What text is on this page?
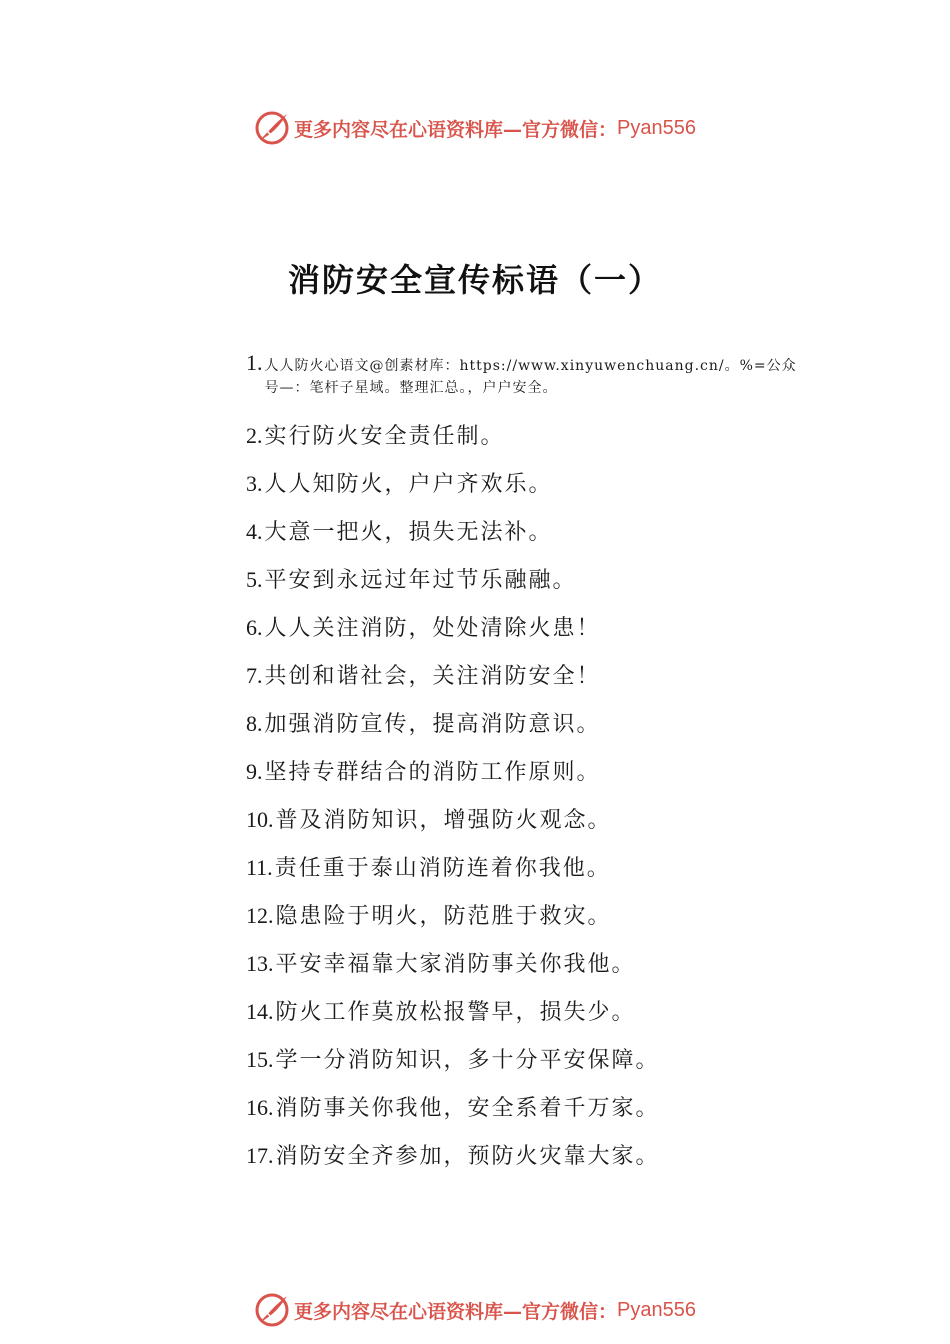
更多内容尽在心语资料库 —官方微信： Pyan556
消防安全宣传标语（一）
1. 人人防火心语文@创素材库：https://www.xinyuwenchuang.cn/。%=公众号—：笔杆子星域。整理汇总。，户户安全。
2. 实行防火安全责任制。
3. 人人知防火，户户齐欢乐。
4. 大意一把火，损失无法补。
5. 平安到永远过年过节乐融融。
6. 人人关注消防，处处清除火患！
7. 共创和谐社会，关注消防安全！
8. 加强消防宣传，提高消防意识。
9. 坚持专群结合的消防工作原则。
10. 普及消防知识，增强防火观念。
11. 责任重于泰山消防连着你我他。
12. 隐患险于明火，防范胜于救灾。
13. 平安幸福靠大家消防事关你我他。
14. 防火工作莫放松报警早，损失少。
15. 学一分消防知识，多十分平安保障。
16. 消防事关你我他，安全系着千万家。
17. 消防安全齐参加，预防火灾靠大家。
更多内容尽在心语资料库 —官方微信： Pyan556
